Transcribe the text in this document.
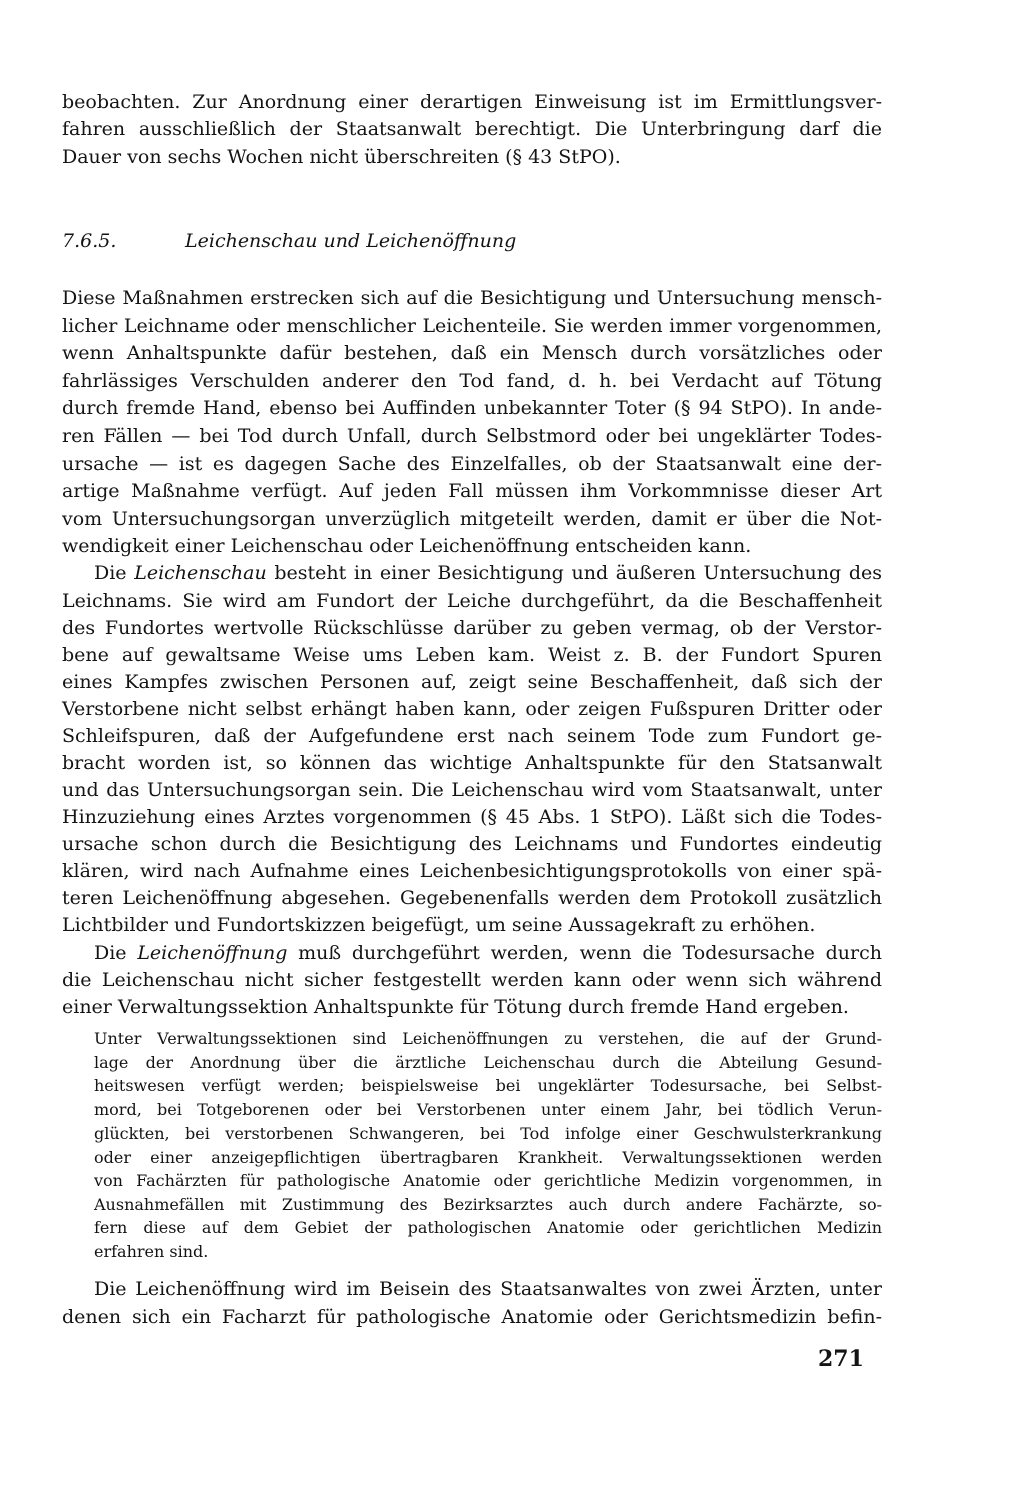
beobachten. Zur Anordnung einer derartigen Einweisung ist im Ermittlungsver-
fahren ausschließlich der Staatsanwalt berechtigt. Die Unterbringung darf die
Dauer von sechs Wochen nicht überschreiten (§ 43 StPO).
7.6.5.	Leichenschau und Leichenöffnung
Diese Maßnahmen erstrecken sich auf die Besichtigung und Untersuchung mensch-
licher Leichname oder menschlicher Leichenteile. Sie werden immer vorgenommen,
wenn Anhaltspunkte dafür bestehen, daß ein Mensch durch vorsätzliches oder
fahrlässiges Verschulden anderer den Tod fand, d. h. bei Verdacht auf Tötung
durch fremde Hand, ebenso bei Auffinden unbekannter Toter (§ 94 StPO). In ande-
ren Fällen — bei Tod durch Unfall, durch Selbstmord oder bei ungeklärter Todes-
ursache — ist es dagegen Sache des Einzelfalles, ob der Staatsanwalt eine der-
artige Maßnahme verfügt. Auf jeden Fall müssen ihm Vorkommnisse dieser Art
vom Untersuchungsorgan unverzüglich mitgeteilt werden, damit er über die Not-
wendigkeit einer Leichenschau oder Leichenöffnung entscheiden kann.
Die Leichenschau besteht in einer Besichtigung und äußeren Untersuchung des
Leichnams. Sie wird am Fundort der Leiche durchgeführt, da die Beschaffenheit
des Fundortes wertvolle Rückschlüsse darüber zu geben vermag, ob der Verstor-
bene auf gewaltsame Weise ums Leben kam. Weist z. B. der Fundort Spuren
eines Kampfes zwischen Personen auf, zeigt seine Beschaffenheit, daß sich der
Verstorbene nicht selbst erhängt haben kann, oder zeigen Fußspuren Dritter oder
Schleifspuren, daß der Aufgefundene erst nach seinem Tode zum Fundort ge-
bracht worden ist, so können das wichtige Anhaltspunkte für den Statsanwalt
und das Untersuchungsorgan sein. Die Leichenschau wird vom Staatsanwalt, unter
Hinzuziehung eines Arztes vorgenommen (§ 45 Abs. 1 StPO). Läßt sich die Todes-
ursache schon durch die Besichtigung des Leichnams und Fundortes eindeutig
klären, wird nach Aufnahme eines Leichenbesichtigungsprotokolls von einer spä-
teren Leichenöffnung abgesehen. Gegebenenfalls werden dem Protokoll zusätzlich
Lichtbilder und Fundortskizzen beigefügt, um seine Aussagekraft zu erhöhen.
Die Leichenöffnung muß durchgeführt werden, wenn die Todesursache durch
die Leichenschau nicht sicher festgestellt werden kann oder wenn sich während
einer Verwaltungssektion Anhaltspunkte für Tötung durch fremde Hand ergeben.
Unter Verwaltungssektionen sind Leichenöffnungen zu verstehen, die auf der Grund-
lage der Anordnung über die ärztliche Leichenschau durch die Abteilung Gesund-
heitswesen verfügt werden; beispielsweise bei ungeklärter Todesursache, bei Selbst-
mord, bei Totgeborenen oder bei Verstorbenen unter einem Jahr, bei tödlich Verun-
glückten, bei verstorbenen Schwangeren, bei Tod infolge einer Geschwulsterkrankung
oder einer anzeigepflichtigen übertragbaren Krankheit. Verwaltungssektionen werden
von Fachärzten für pathologische Anatomie oder gerichtliche Medizin vorgenommen, in
Ausnahmefällen mit Zustimmung des Bezirksarztes auch durch andere Fachärzte, so-
fern diese auf dem Gebiet der pathologischen Anatomie oder gerichtlichen Medizin
erfahren sind.
Die Leichenöffnung wird im Beisein des Staatsanwaltes von zwei Ärzten, unter
denen sich ein Facharzt für pathologische Anatomie oder Gerichtsmedizin befin-
271
